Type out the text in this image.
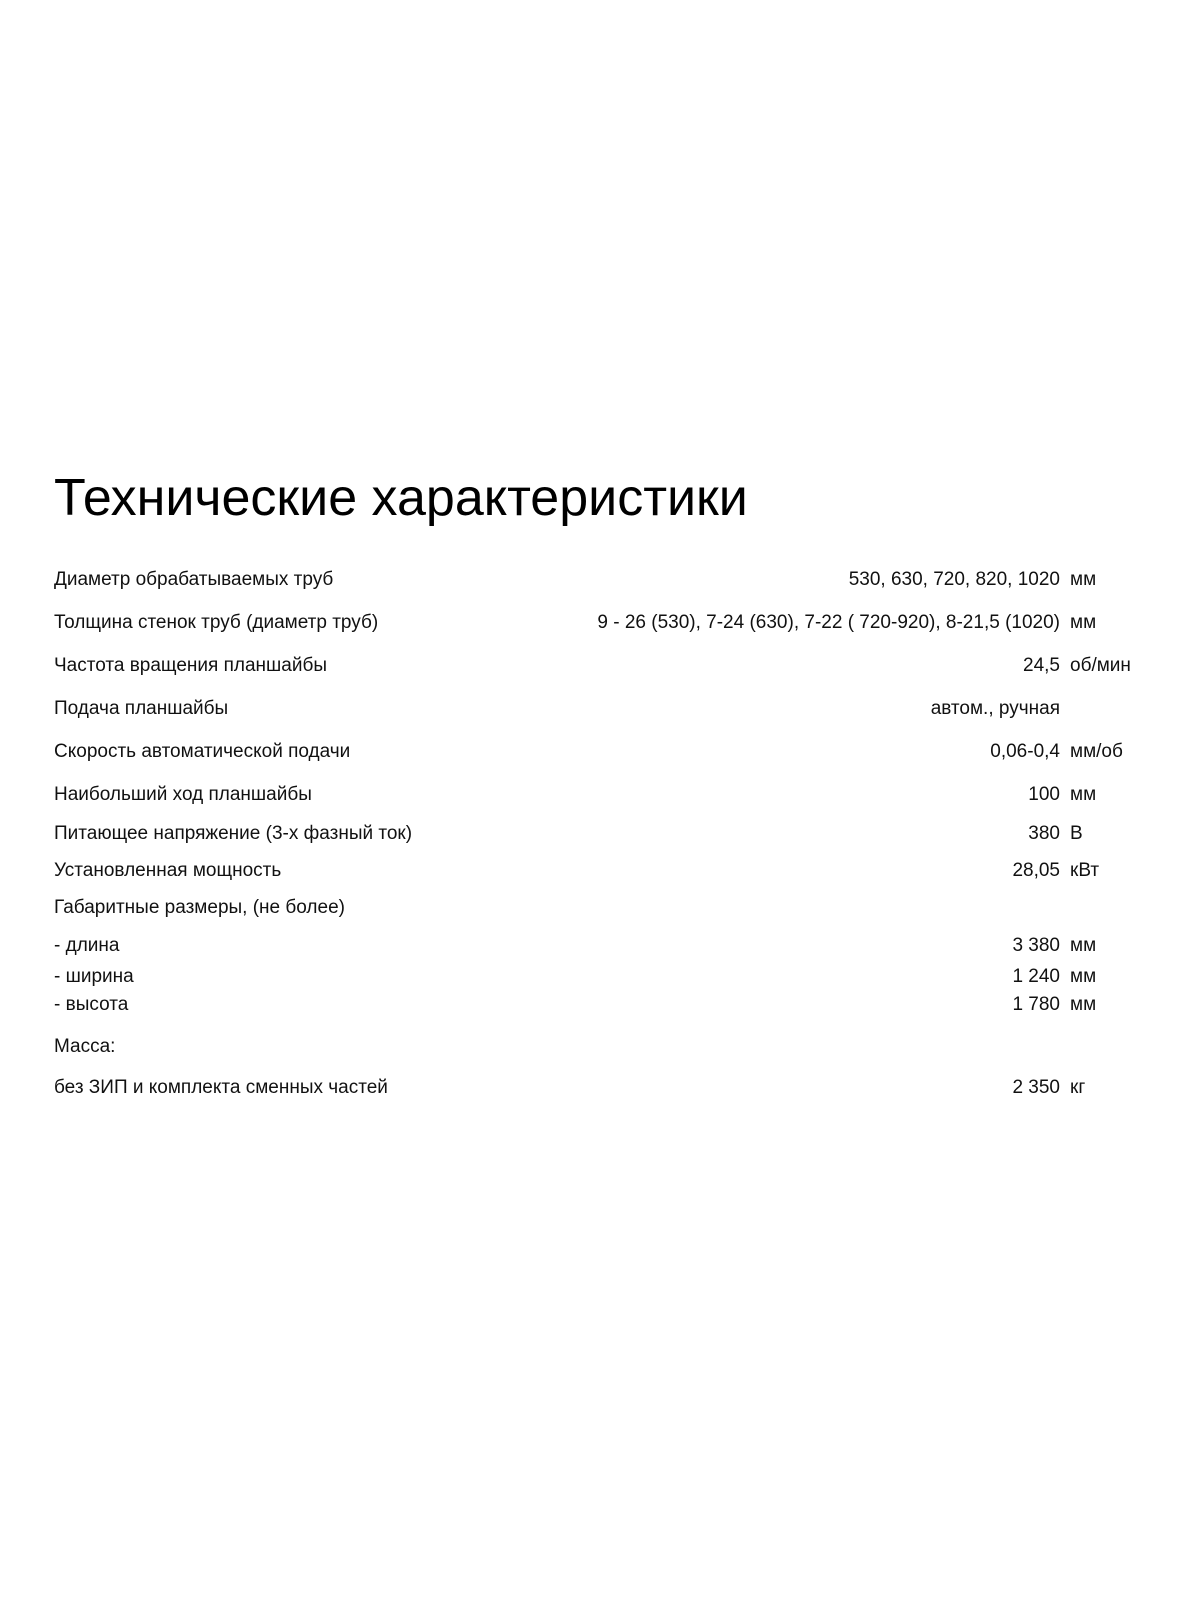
Технические характеристики
Диаметр обрабатываемых труб	530, 630, 720, 820, 1020 мм
Толщина стенок труб (диаметр труб)	9 - 26 (530), 7-24 (630), 7-22 ( 720-920), 8-21,5 (1020) мм
Частота вращения планшайбы	24,5 об/мин
Подача планшайбы	автом., ручная
Скорость автоматической подачи	0,06-0,4 мм/об
Наибольший ход планшайбы	100 мм
Питающее напряжение (3-х фазный ток)	380 В
Установленная мощность	28,05 кВт
Габаритные размеры, (не более)
- длина	3 380 мм
- ширина	1 240 мм
- высота	1 780 мм
Масса:
без ЗИП и комплекта сменных частей	2 350 кг
